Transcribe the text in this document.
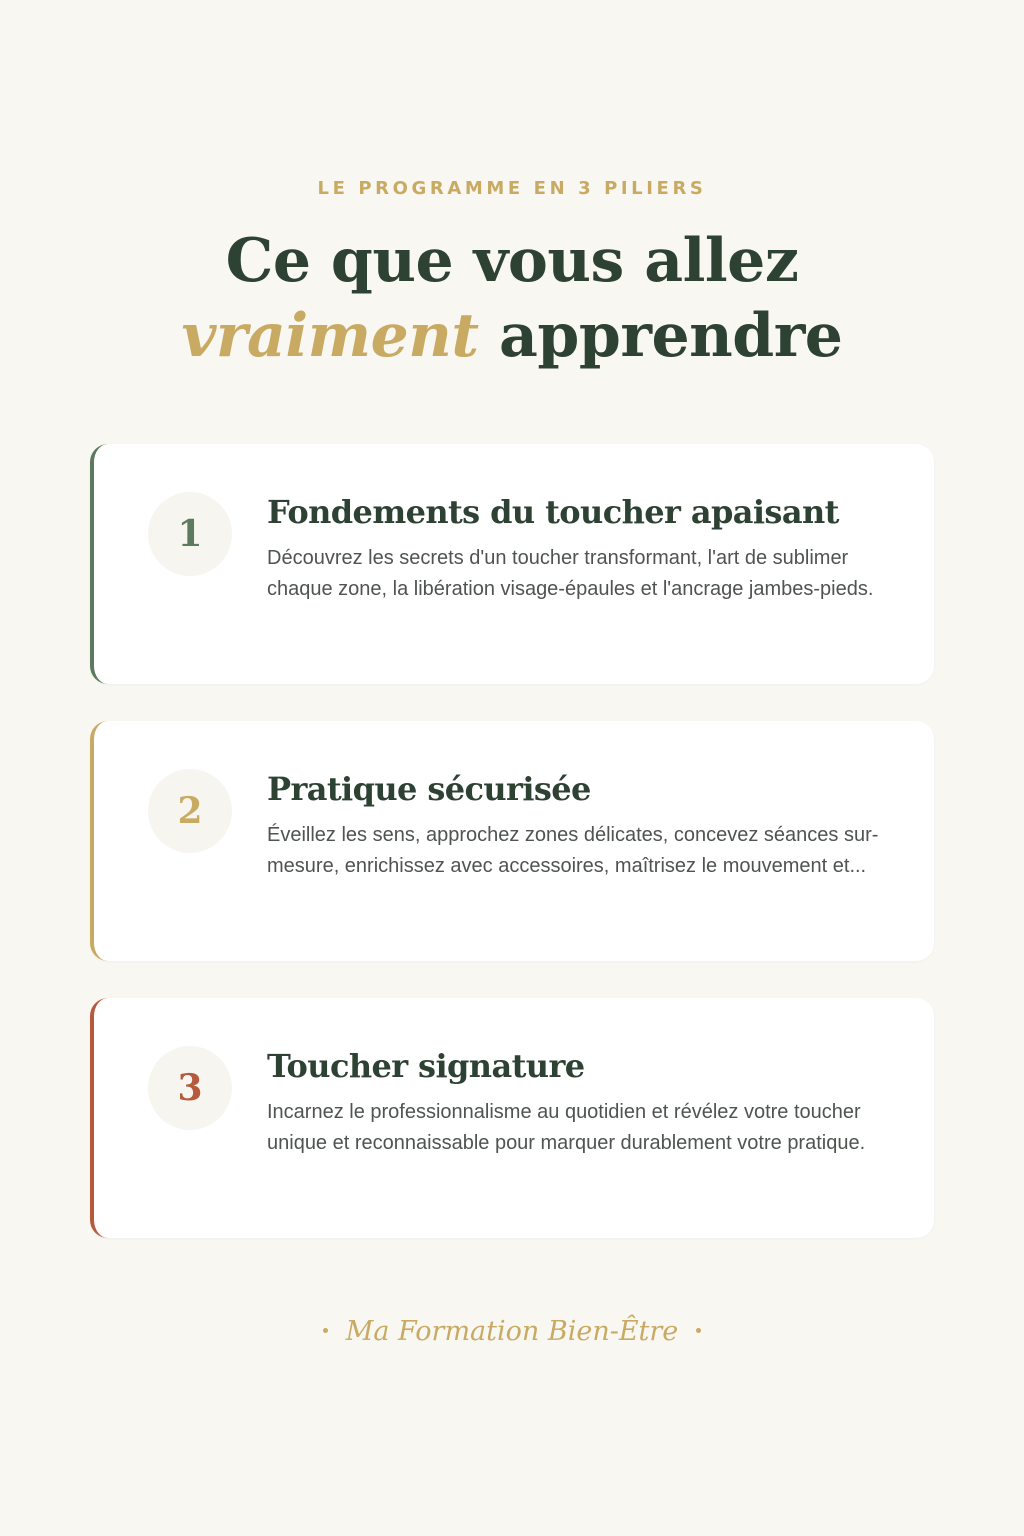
LE PROGRAMME EN 3 PILIERS
Ce que vous allez
vraiment apprendre
1
Fondements du toucher apaisant

Découvrez les secrets d'un toucher transformant, l'art de sublimer chaque zone, la libération visage-épaules et l'ancrage jambes-pieds.

2
Pratique sécurisée

Éveillez les sens, approchez zones délicates, concevez séances sur-mesure, enrichissez avec accessoires, maîtrisez le mouvement et...

3
Toucher signature

Incarnez le professionnalisme au quotidien et révélez votre toucher unique et reconnaissable pour marquer durablement votre pratique.

Ma Formation Bien-Être
